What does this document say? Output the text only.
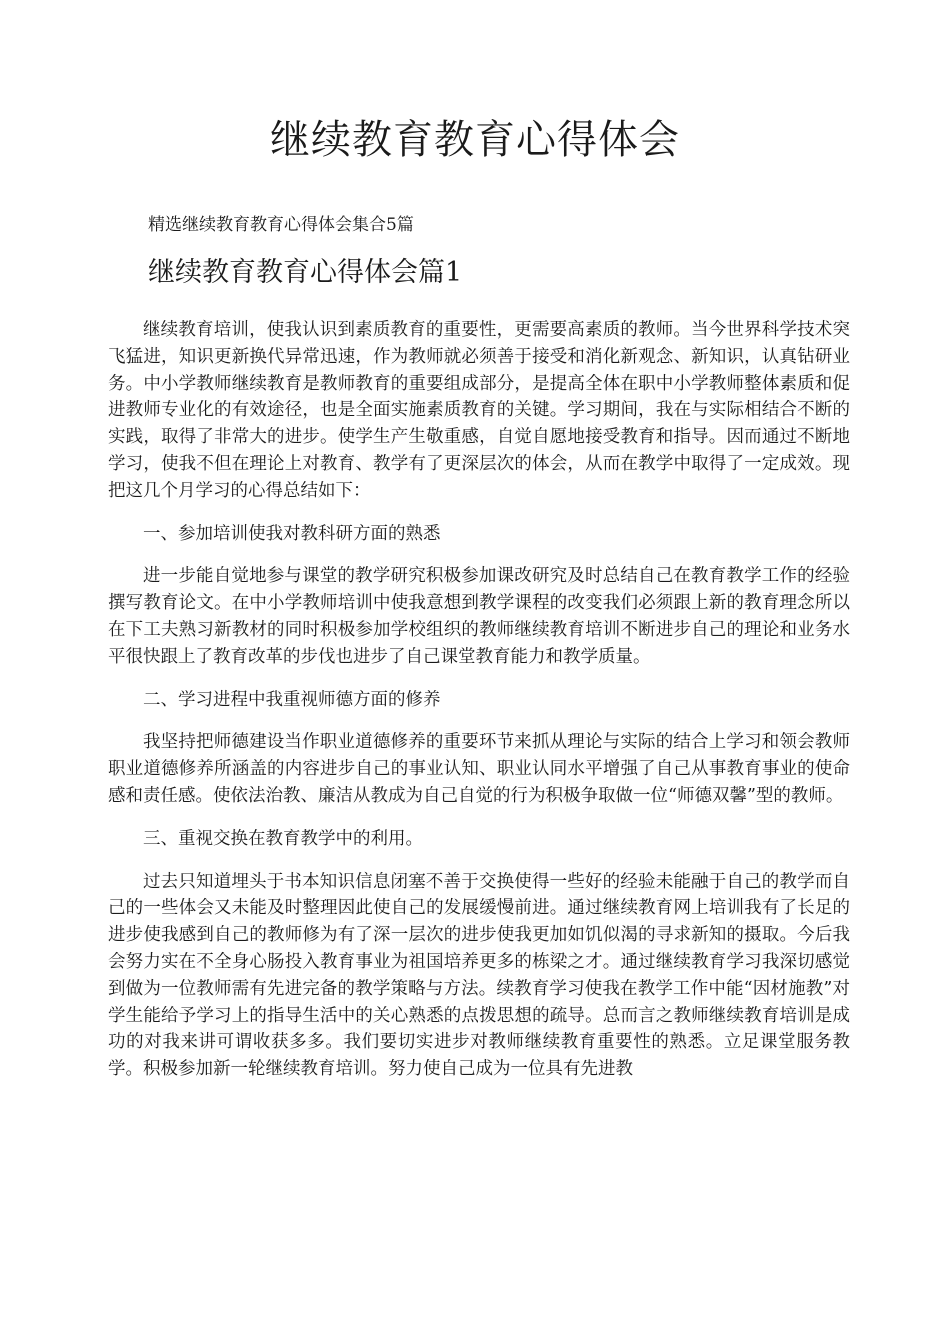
继续教育教育心得体会

精选继续教育教育心得体会集合5篇

继续教育教育心得体会篇1

继续教育培训，使我认识到素质教育的重要性，更需要高素质的教师。当今世界科学技术突飞猛进，知识更新换代异常迅速，作为教师就必须善于接受和消化新观念、新知识，认真钻研业务。中小学教师继续教育是教师教育的重要组成部分，是提高全体在职中小学教师整体素质和促进教师专业化的有效途径，也是全面实施素质教育的关键。学习期间，我在与实际相结合不断的实践，取得了非常大的进步。使学生产生敬重感，自觉自愿地接受教育和指导。因而通过不断地学习，使我不但在理论上对教育、教学有了更深层次的体会，从而在教学中取得了一定成效。现把这几个月学习的心得总结如下：

一、参加培训使我对教科研方面的熟悉

进一步能自觉地参与课堂的教学研究积极参加课改研究及时总结自己在教育教学工作的经验撰写教育论文。在中小学教师培训中使我意想到教学课程的改变我们必须跟上新的教育理念所以在下工夫熟习新教材的同时积极参加学校组织的教师继续教育培训不断进步自己的理论和业务水平很快跟上了教育改革的步伐也进步了自己课堂教育能力和教学质量。

二、学习进程中我重视师德方面的修养

我坚持把师德建设当作职业道德修养的重要环节来抓从理论与实际的结合上学习和领会教师职业道德修养所涵盖的内容进步自己的事业认知、职业认同水平增强了自己从事教育事业的使命感和责任感。使依法治教、廉洁从教成为自己自觉的行为积极争取做一位“师德双馨”型的教师。

三、重视交换在教育教学中的利用。

过去只知道埋头于书本知识信息闭塞不善于交换使得一些好的经验未能融于自己的教学而自己的一些体会又未能及时整理因此使自己的发展缓慢前进。通过继续教育网上培训我有了长足的进步使我感到自己的教师修为有了深一层次的进步使我更加如饥似渴的寻求新知的摄取。今后我会努力实在不全身心肠投入教育事业为祖国培养更多的栋梁之才。通过继续教育学习我深切感觉到做为一位教师需有先进完备的教学策略与方法。续教育学习使我在教学工作中能“因材施教”对学生能给予学习上的指导生活中的关心熟悉的点拨思想的疏导。总而言之教师继续教育培训是成功的对我来讲可谓收获多多。我们要切实进步对教师继续教育重要性的熟悉。立足课堂服务教学。积极参加新一轮继续教育培训。努力使自己成为一位具有先进教
